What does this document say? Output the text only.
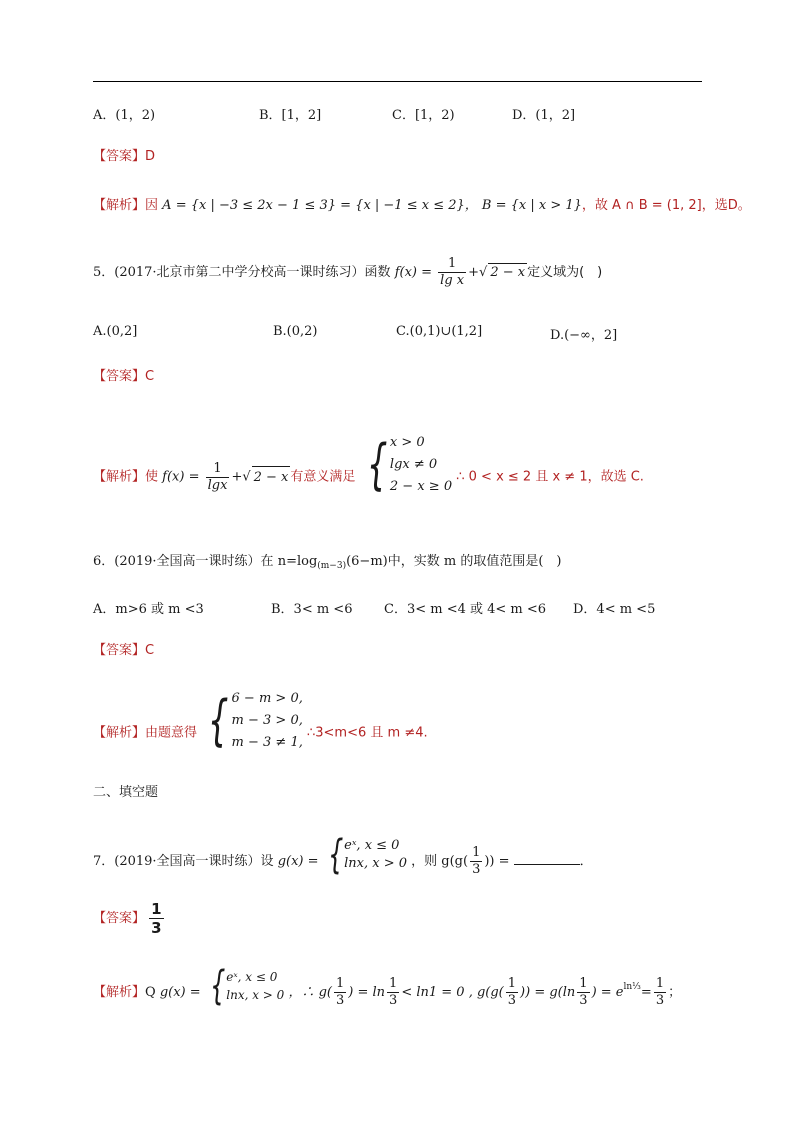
A．(1，2)	B．[1，2]	C．[1，2)	D．(1，2]
【答案】D
【解析】因 A = {x | −3 ≤ 2x − 1 ≤ 3} = {x | −1 ≤ x ≤ 2}， B = {x | x > 1}，故 A ∩ B = (1, 2]，选D。
5．(2017·北京市第二中学分校高一课时练习）函数 $f(x) = \frac{1}{\text{lg x}}$ +√ 2 − x 定义域为(　)
A.(0,2]	B.(0,2)	C.(0,1)∪(1,2]	D.(−∞，2]
【答案】C
【解析】使 $f(x) = \frac{1}{\lg x}$ +√ 2 − x 有意义满足 { x > 0
lgx ≠ 0
2 − x ≥ 0
∴ 0 < x ≤ 2 且 x ≠ 1，故选 C.
6．(2019·全国高一课时练）在 $n=\log_{(m-3)}(6-m)$中，实数 m 的取值范围是(　)
A．m>6 或 m <3	B．3< m <6 C．3< m <4 或 4< m <6 D．4< m <5
【答案】C
【解析】由题意得 { 6 − m > 0,
m − 3 > 0,
m − 3 ≠ 1,
∴3<m<6 且 m ≠4.
二、填空题
7．(2019·全国高一课时练）设 g(x) = { eˣ, x ≤ 0
lnx, x > 0 ，则 $g(g( \frac{1}{3}$ )) =	．
【答案】 $\frac{1}{3}$
【解析】Q g(x) = { eˣ, x ≤ 0
lnx, x > 0 ，∴ $g( \frac{1}{3}$ ) = $\ln \frac{1}{3} < \ln 1 = 0$ , $g(g( \frac{1}{3}$ )) = $g(\ln \frac{1}{3}$ ) = $e^{ln\frac{1}{3}}= \frac{1}{3}$ ；
